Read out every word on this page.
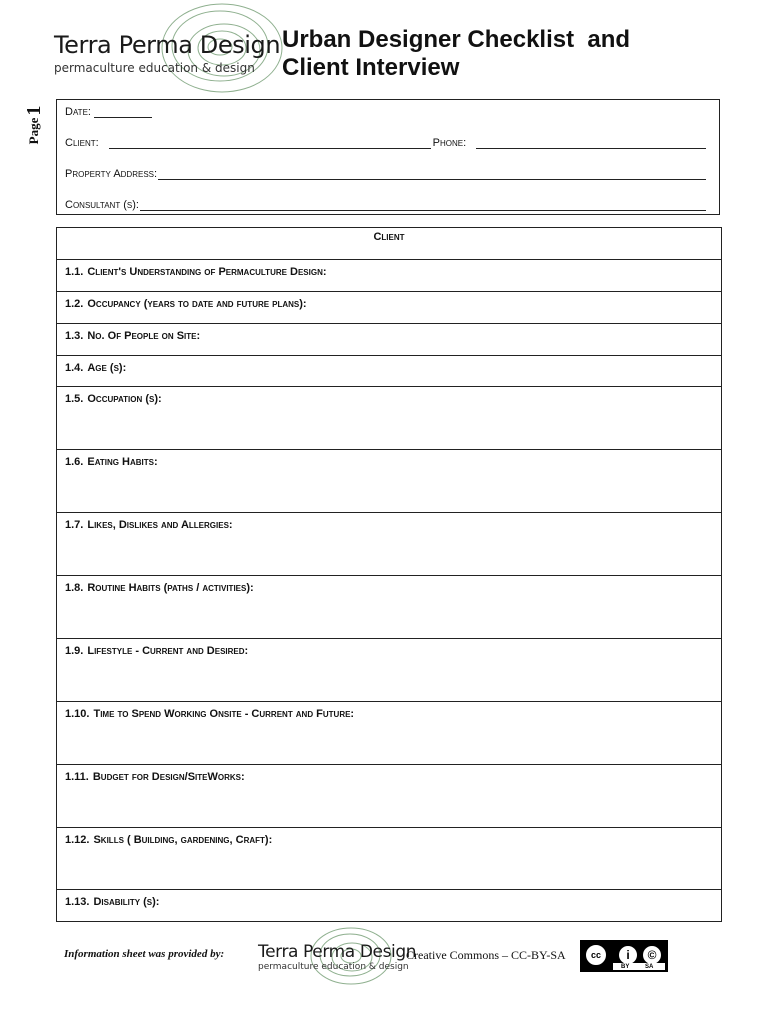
Terra Perma Design
permaculture education & design
Urban Designer Checklist  and
Client Interview
Page
1 Date:
Client:	Phone:
Property Address:
Consultant (s):
Client

1.1. Client's Understanding of Permaculture Design:

1.2. Occupancy (years to date and future plans):

1.3. No. Of People on Site:

1.4. Age (s):

1.5. Occupation (s):

1.6. Eating Habits:

1.7. Likes, Dislikes and Allergies:

1.8. Routine Habits (paths / activities):

1.9. Lifestyle - Current and Desired:

1.10. Time to Spend Working Onsite - Current and Future:

1.11. Budget for Design/SiteWorks:

1.12. Skills ( Building, gardening, Craft):

1.13. Disability (s):
Information sheet was provided by: Terra Perma Design
permaculture education & design
Creative Commons – CC-BY-SA	cc	i	©
BY	SA
